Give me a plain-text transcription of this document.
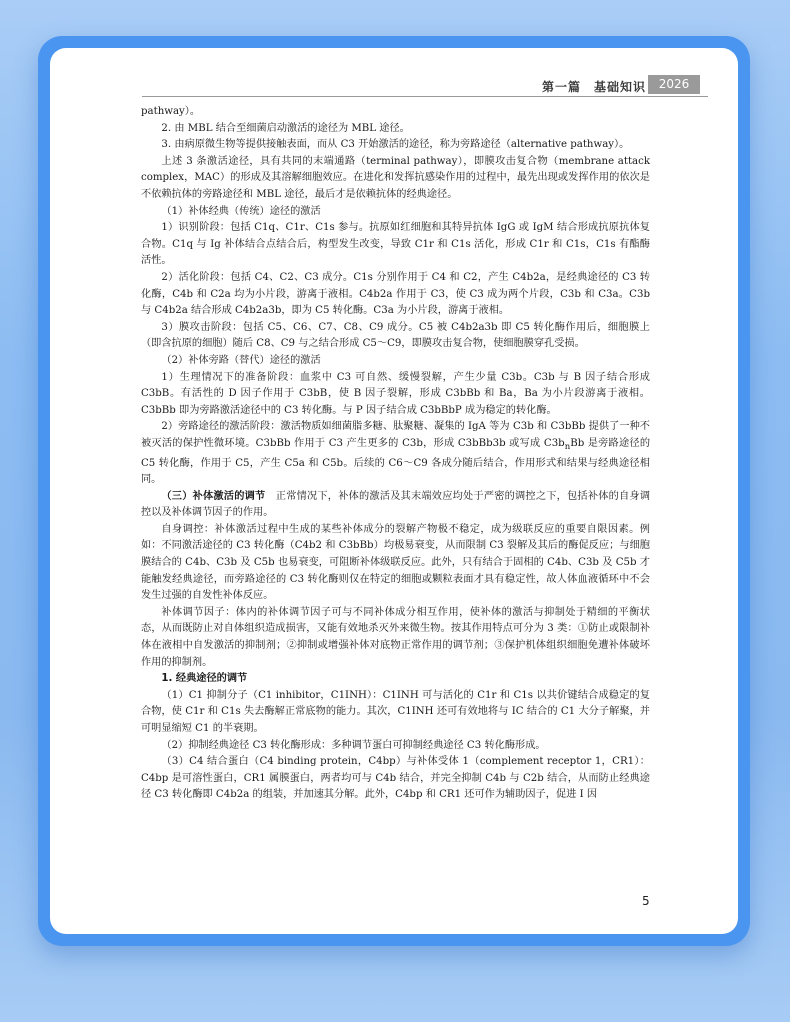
第一篇　基础知识	2026

pathway）。

2. 由 MBL 结合至细菌启动激活的途径为 MBL 途径。

3. 由病原微生物等提供接触表面，而从 C3 开始激活的途径，称为旁路途径（alternative pathway）。

上述 3 条激活途径，具有共同的末端通路（terminal pathway），即膜攻击复合物（membrane attack complex，MAC）的形成及其溶解细胞效应。在进化和发挥抗感染作用的过程中，最先出现或发挥作用的依次是不依赖抗体的旁路途径和 MBL 途径，最后才是依赖抗体的经典途径。

（1）补体经典（传统）途径的激活

1）识别阶段：包括 C1q、C1r、C1s 参与。抗原如红细胞和其特异抗体 IgG 或 IgM 结合形成抗原抗体复合物。C1q 与 Ig 补体结合点结合后，构型发生改变，导致 C1r 和 C1s 活化，形成 C1r 和 C1s，C1s 有酯酶活性。

2）活化阶段：包括 C4、C2、C3 成分。C1s 分别作用于 C4 和 C2，产生 C4b2a，是经典途径的 C3 转化酶，C4b 和 C2a 均为小片段，游离于液相。C4b2a 作用于 C3，使 C3 成为两个片段，C3b 和 C3a。C3b 与 C4b2a 结合形成 C4b2a3b，即为 C5 转化酶。C3a 为小片段，游离于液相。

3）膜攻击阶段：包括 C5、C6、C7、C8、C9 成分。C5 被 C4b2a3b 即 C5 转化酶作用后，细胞膜上（即含抗原的细胞）随后 C8、C9 与之结合形成 C5～C9，即膜攻击复合物，使细胞膜穿孔受损。

（2）补体旁路（替代）途径的激活

1）生理情况下的准备阶段：血浆中 C3 可自然、缓慢裂解，产生少量 C3b。C3b 与 B 因子结合形成 C3bB。有活性的 D 因子作用于 C3bB，使 B 因子裂解，形成 C3bBb 和 Ba，Ba 为小片段游离于液相。C3bBb 即为旁路激活途径中的 C3 转化酶。与 P 因子结合成 C3bBbP 成为稳定的转化酶。

2）旁路途径的激活阶段：激活物质如细菌脂多糖、肽聚糖、凝集的 IgA 等为 C3b 和 C3bBb 提供了一种不被灭活的保护性微环境。C3bBb 作用于 C3 产生更多的 C3b，形成 C3bBb3b 或写成 $C3b_nBb$ 是旁路途径的 C5 转化酶，作用于 C5，产生 C5a 和 C5b。后续的 C6～C9 各成分随后结合，作用形式和结果与经典途径相同。

（三）补体激活的调节　正常情况下，补体的激活及其末端效应均处于严密的调控之下，包括补体的自身调控以及补体调节因子的作用。

自身调控：补体激活过程中生成的某些补体成分的裂解产物极不稳定，成为级联反应的重要自限因素。例如：不同激活途径的 C3 转化酶（C4b2 和 C3bBb）均极易衰变，从而限制 C3 裂解及其后的酶促反应；与细胞膜结合的 C4b、C3b 及 C5b 也易衰变，可阻断补体级联反应。此外，只有结合于固相的 C4b、C3b 及 C5b 才能触发经典途径，而旁路途径的 C3 转化酶则仅在特定的细胞或颗粒表面才具有稳定性，故人体血液循环中不会发生过强的自发性补体反应。

补体调节因子：体内的补体调节因子可与不同补体成分相互作用，使补体的激活与抑制处于精细的平衡状态，从而既防止对自体组织造成损害，又能有效地杀灭外来微生物。按其作用特点可分为 3 类：①防止或限制补体在液相中自发激活的抑制剂；②抑制或增强补体对底物正常作用的调节剂；③保护机体组织细胞免遭补体破坏作用的抑制剂。

1. 经典途径的调节

（1）C1 抑制分子（C1 inhibitor，C1INH）：C1INH 可与活化的 C1r 和 C1s 以共价键结合成稳定的复合物，使 C1r 和 C1s 失去酶解正常底物的能力。其次，C1INH 还可有效地将与 IC 结合的 C1 大分子解聚，并可明显缩短 C1 的半衰期。

（2）抑制经典途径 C3 转化酶形成：多种调节蛋白可抑制经典途径 C3 转化酶形成。

（3）C4 结合蛋白（C4 binding protein，C4bp）与补体受体 1（complement receptor 1，CR1）：C4bp 是可溶性蛋白，CR1 属膜蛋白，两者均可与 C4b 结合，并完全抑制 C4b 与 C2b 结合，从而防止经典途径 C3 转化酶即 C4b2a 的组装，并加速其分解。此外，C4bp 和 CR1 还可作为辅助因子，促进 I 因

5
